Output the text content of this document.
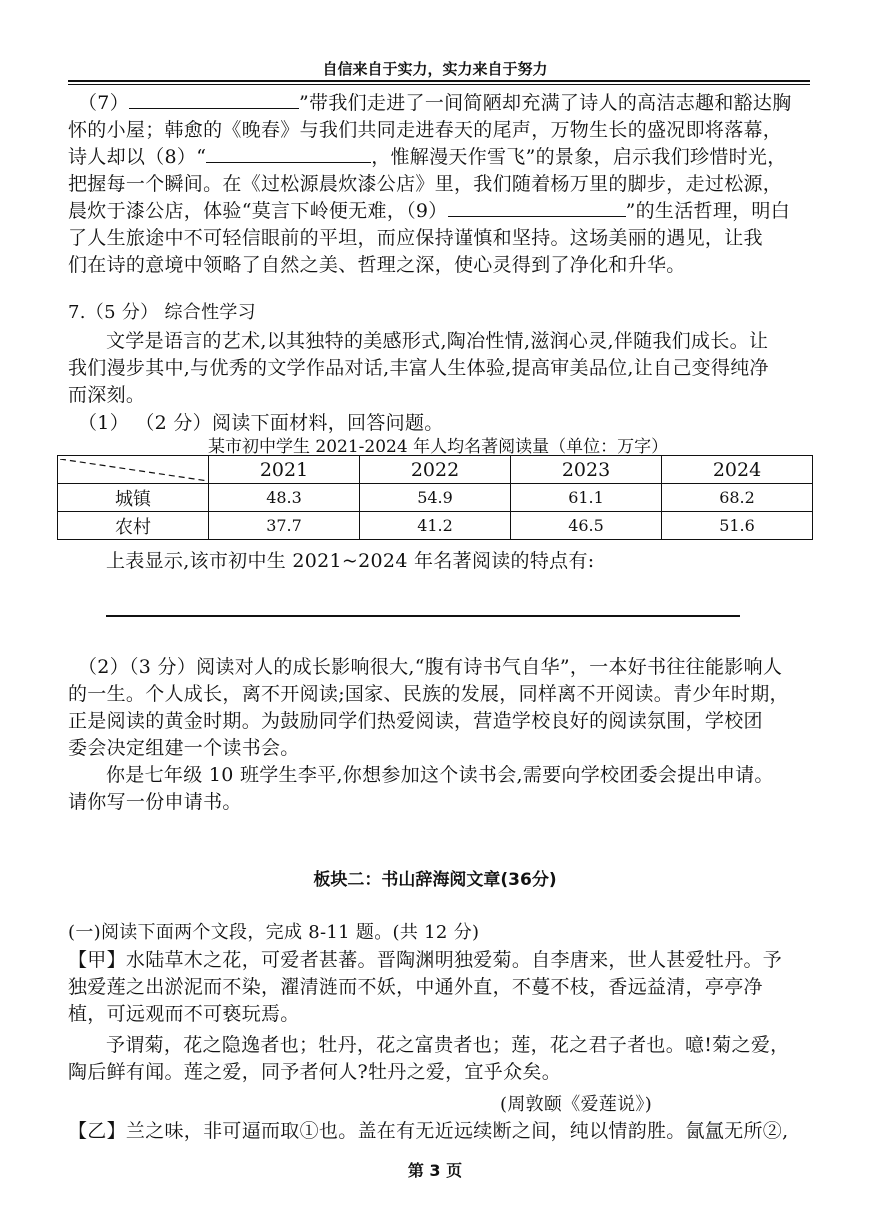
自信来自于实力，实力来自于努力
（7）	”带我们走进了一间简陋却充满了诗人的高洁志趣和豁达胸
怀的小屋；韩愈的《晚春》与我们共同走进春天的尾声，万物生长的盛况即将落幕，
诗人却以（8）“	，惟解漫天作雪飞”的景象，启示我们珍惜时光，
把握每一个瞬间。在《过松源晨炊漆公店》里，我们随着杨万里的脚步，走过松源，
晨炊于漆公店，体验“莫言下岭便无难，（9）	”的生活哲理，明白
了人生旅途中不可轻信眼前的平坦，而应保持谨慎和坚持。这场美丽的遇见，让我
们在诗的意境中领略了自然之美、哲理之深，使心灵得到了净化和升华。
7.（5 分） 综合性学习
文学是语言的艺术,以其独特的美感形式,陶冶性情,滋润心灵,伴随我们成长。让
我们漫步其中,与优秀的文学作品对话,丰富人生体验,提高审美品位,让自己变得纯净
而深刻。
（1） （2 分）阅读下面材料，回答问题。
某市初中学生 2021-2024 年人均名著阅读量（单位：万字）
	2021	2022	2023	2024
城镇	48.3	54.9	61.1	68.2
农村	37.7	41.2	46.5	51.6
上表显示,该市初中生 2021~2024 年名著阅读的特点有:
（2）（3 分）阅读对人的成长影响很大,“腹有诗书气自华”，一本好书往往能影响人
的一生。个人成长，离不开阅读;国家、民族的发展，同样离不开阅读。青少年时期，
正是阅读的黄金时期。为鼓励同学们热爱阅读，营造学校良好的阅读氛围，学校团
委会决定组建一个读书会。
你是七年级 10 班学生李平,你想参加这个读书会,需要向学校团委会提出申请。
请你写一份申请书。
板块二：书山辞海阅文章(36分)
(一)阅读下面两个文段，完成 8-11 题。(共 12 分)
【甲】水陆草木之花，可爱者甚蕃。晋陶渊明独爱菊。自李唐来，世人甚爱牡丹。予
独爱莲之出淤泥而不染，濯清涟而不妖，中通外直，不蔓不枝，香远益清，亭亭净
植，可远观而不可亵玩焉。
予谓菊，花之隐逸者也；牡丹，花之富贵者也；莲，花之君子者也。噫!菊之爱，
陶后鲜有闻。莲之爱，同予者何人?牡丹之爱，宜乎众矣。
(周敦颐《爱莲说》)
【乙】兰之味，非可逼而取①也。盖在有无近远续断之间，纯以情韵胜。氤氲无所②,
第 3 页
